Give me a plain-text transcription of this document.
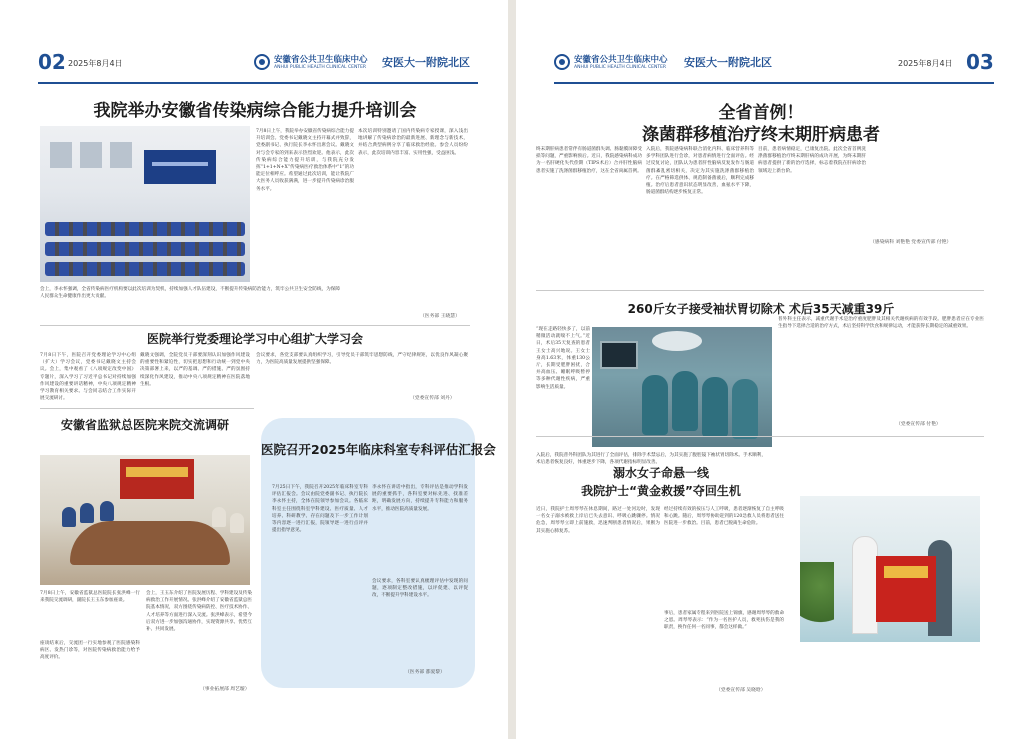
02 2025年8月4日	安徽省公共卫生临床中心
ANHUI PUBLIC HEALTH CLINICAL CENTER 安医大一附院北区
我院举办安徽省传染病综合能力提升培训会
7月8日上午，我院举办安徽省传染病综合能力提升培训会。党委书记戴晓文主持开幕式并致辞，党委副书记、执行院长李永怀出席会议。戴晓文对与会专家的到来表示热烈欢迎。他表示，此次传染病综合能力提升培训，与我院充分发挥“1+1+N+X”传染病医疗救治体系中“1”的功能定位相呼应。希望通过此次培训，能让我院广大医务人员收获满满，进一步提升传染病诊治服务水平。
本次培训特别邀请了国内传染病专家授课，深入浅出地讲解了传染病诊治的最新进展、新理念与新技术，并结合典型病例分享了临床救治经验。参会人员纷纷表示，此次培训内容丰富、实用性强，受益匪浅。
会上，李永怀强调，全省传染病医疗机构要以此次培训为契机，持续加强人才队伍建设，不断提升传染病防治能力，筑牢公共卫生安全防线，为保障人民群众生命健康作出更大贡献。
（医务部 王晓慧）
医院举行党委理论学习中心组扩大学习会
7月8日下午，医院召开党委理论学习中心组（扩大）学习会议，党委书记戴晓文主持会议。会上，集中观看了《八项规定改变中国》专题片，深入学习了习近平总书记对持续加强作风建设的重要讲话精神，中央八项规定精神学习教育相关要求。与会同志结合工作实际开展交流研讨。
戴晓文强调，全院党员干部要深刻认识加强作风建设的重要性和紧迫性，切实把思想和行动统一到党中央决策部署上来，以严的基调、严的措施、严的氛围持续深化作风建设，推动中央八项规定精神在医院落地生根。
会议要求，各党支部要认真组织学习，引导党员干部筑牢思想防线，严守纪律规矩，以优良作风凝心聚力，为医院高质量发展提供坚强保障。
（党委宣传部 刘丹）
安徽省监狱总医院来院交流调研
7月8日上午，安徽省监狱总医院院长张洪峰一行来我院交流调研，副院长王玉东参加座谈。
会上，王玉东介绍了医院发展历程、学科建设及传染病救治工作开展情况。张洪峰介绍了安徽省监狱总医院基本情况，双方围绕传染病防控、医疗技术协作、人才培养等方面进行深入交流。张洪峰表示，希望今后双方进一步加强沟通协作，实现资源共享、优势互补、共同发展。
座谈结束后，交流团一行实地参观了医院感染科病区、发热门诊等，对医院传染病救治能力给予高度评价。
（事业拓展部 周艺璇）
医院召开2025年临床科室专科评估汇报会
7月25日下午，我院召开2025年临床科室专科评估汇报会。会议由院党委副书记、执行院长李永怀主持，全体在院领导参加会议。各临床科室主任围绕科室学科建设、医疗质量、人才培养、科研教学、存在问题及下一步工作计划等内容逐一进行汇报，院领导逐一进行点评并提出指导意见。
李永怀在讲话中指出，专科评估是推动学科发展的重要抓手，各科室要对标先进、找准差距，明确发展方向，持续提升专科能力和服务水平，推动医院高质量发展。
会议要求，各科室要认真梳理评估中发现的问题，逐项制定整改措施，以评促建、以评促改，不断提升学科建设水平。
（医务部 都爱黎）
安徽省公共卫生临床中心
ANHUI PUBLIC HEALTH CLINICAL CENTER 安医大一附院北区	2025年8月4日 03
全省首例！
涤菌群移植治疗终末期肝病患者
终末期肝病患者常伴有肠道菌群失调、肠黏膜屏障受损等问题，严重影响预后。近日，我院感染病科成功为一名肝硬化失代偿期（TIPS术后）合并肝性脑病患者实施了洗涤菌群移植治疗，这在全省尚属首例。
入院后，我院感染病科联合消化内科、临床营养科等多学科团队进行会诊，对患者病情进行全面评估。经过反复讨论，团队认为患者肝性脑病反复发作与肠道菌群紊乱密切相关，决定为其实施洗涤菌群移植治疗。在严格筛选供体、规范制备菌液后，顺利完成移植。治疗后患者意识状态明显改善，血氨水平下降，肠道菌群结构逐步恢复正常。
目前，患者病情稳定，已康复出院。此次全省首例洗涤菌群移植治疗终末期肝病的成功开展，为终末期肝病患者提供了新的治疗选择，标志着我院在肝病诊治领域迈上新台阶。
（感染病科 刘艳艳 党委宣传部 付艳）
260斤女子接受袖状胃切除术 术后35天减重39斤
“现在走路轻快多了，以前稍微活动就喘不上气。”近日，术后35天复查的患者王女士高兴地说。王女士身高1.63米，体重130公斤，长期受肥胖困扰，合并高血压、睡眠呼吸暂停等多种代谢性疾病，严重影响生活质量。
入院后，我院普外科团队为其进行了全面评估，排除手术禁忌后，为其实施了腹腔镜下袖状胃切除术。手术顺利，术后患者恢复良好，体重逐步下降，各项代谢指标明显改善。
普外科主任表示，减重代谢手术是治疗重度肥胖及其相关代谢疾病的有效手段。肥胖患者应在专业医生指导下选择合适的治疗方式，术后坚持科学饮食和规律运动，才能获得长期稳定的减重效果。
（党委宣传部 付艳）
溺水女子命悬一线
我院护士“黄金救援”夺回生机
近日，我院护士周琴琴在休息期间，路过一处河边时，发现一名女子溺水被救上岸后已失去意识、呼吸心跳骤停。情况危急，周琴琴立即上前施救，迅速判断患者情况后，果断为其实施心肺复苏。
经过持续有效的按压与人工呼吸，患者逐渐恢复了自主呼吸和心跳。随后，周琴琴协助赶到的120急救人员将患者送往医院进一步救治。目前，患者已脱离生命危险。
事后，患者家属专程来到医院送上锦旗，感谢周琴琴的救命之恩。周琴琴表示：“作为一名医护人员，救死扶伤是我的职责，换作任何一名同事，都会这样做。”
（党委宣传部 吴晓晗）
